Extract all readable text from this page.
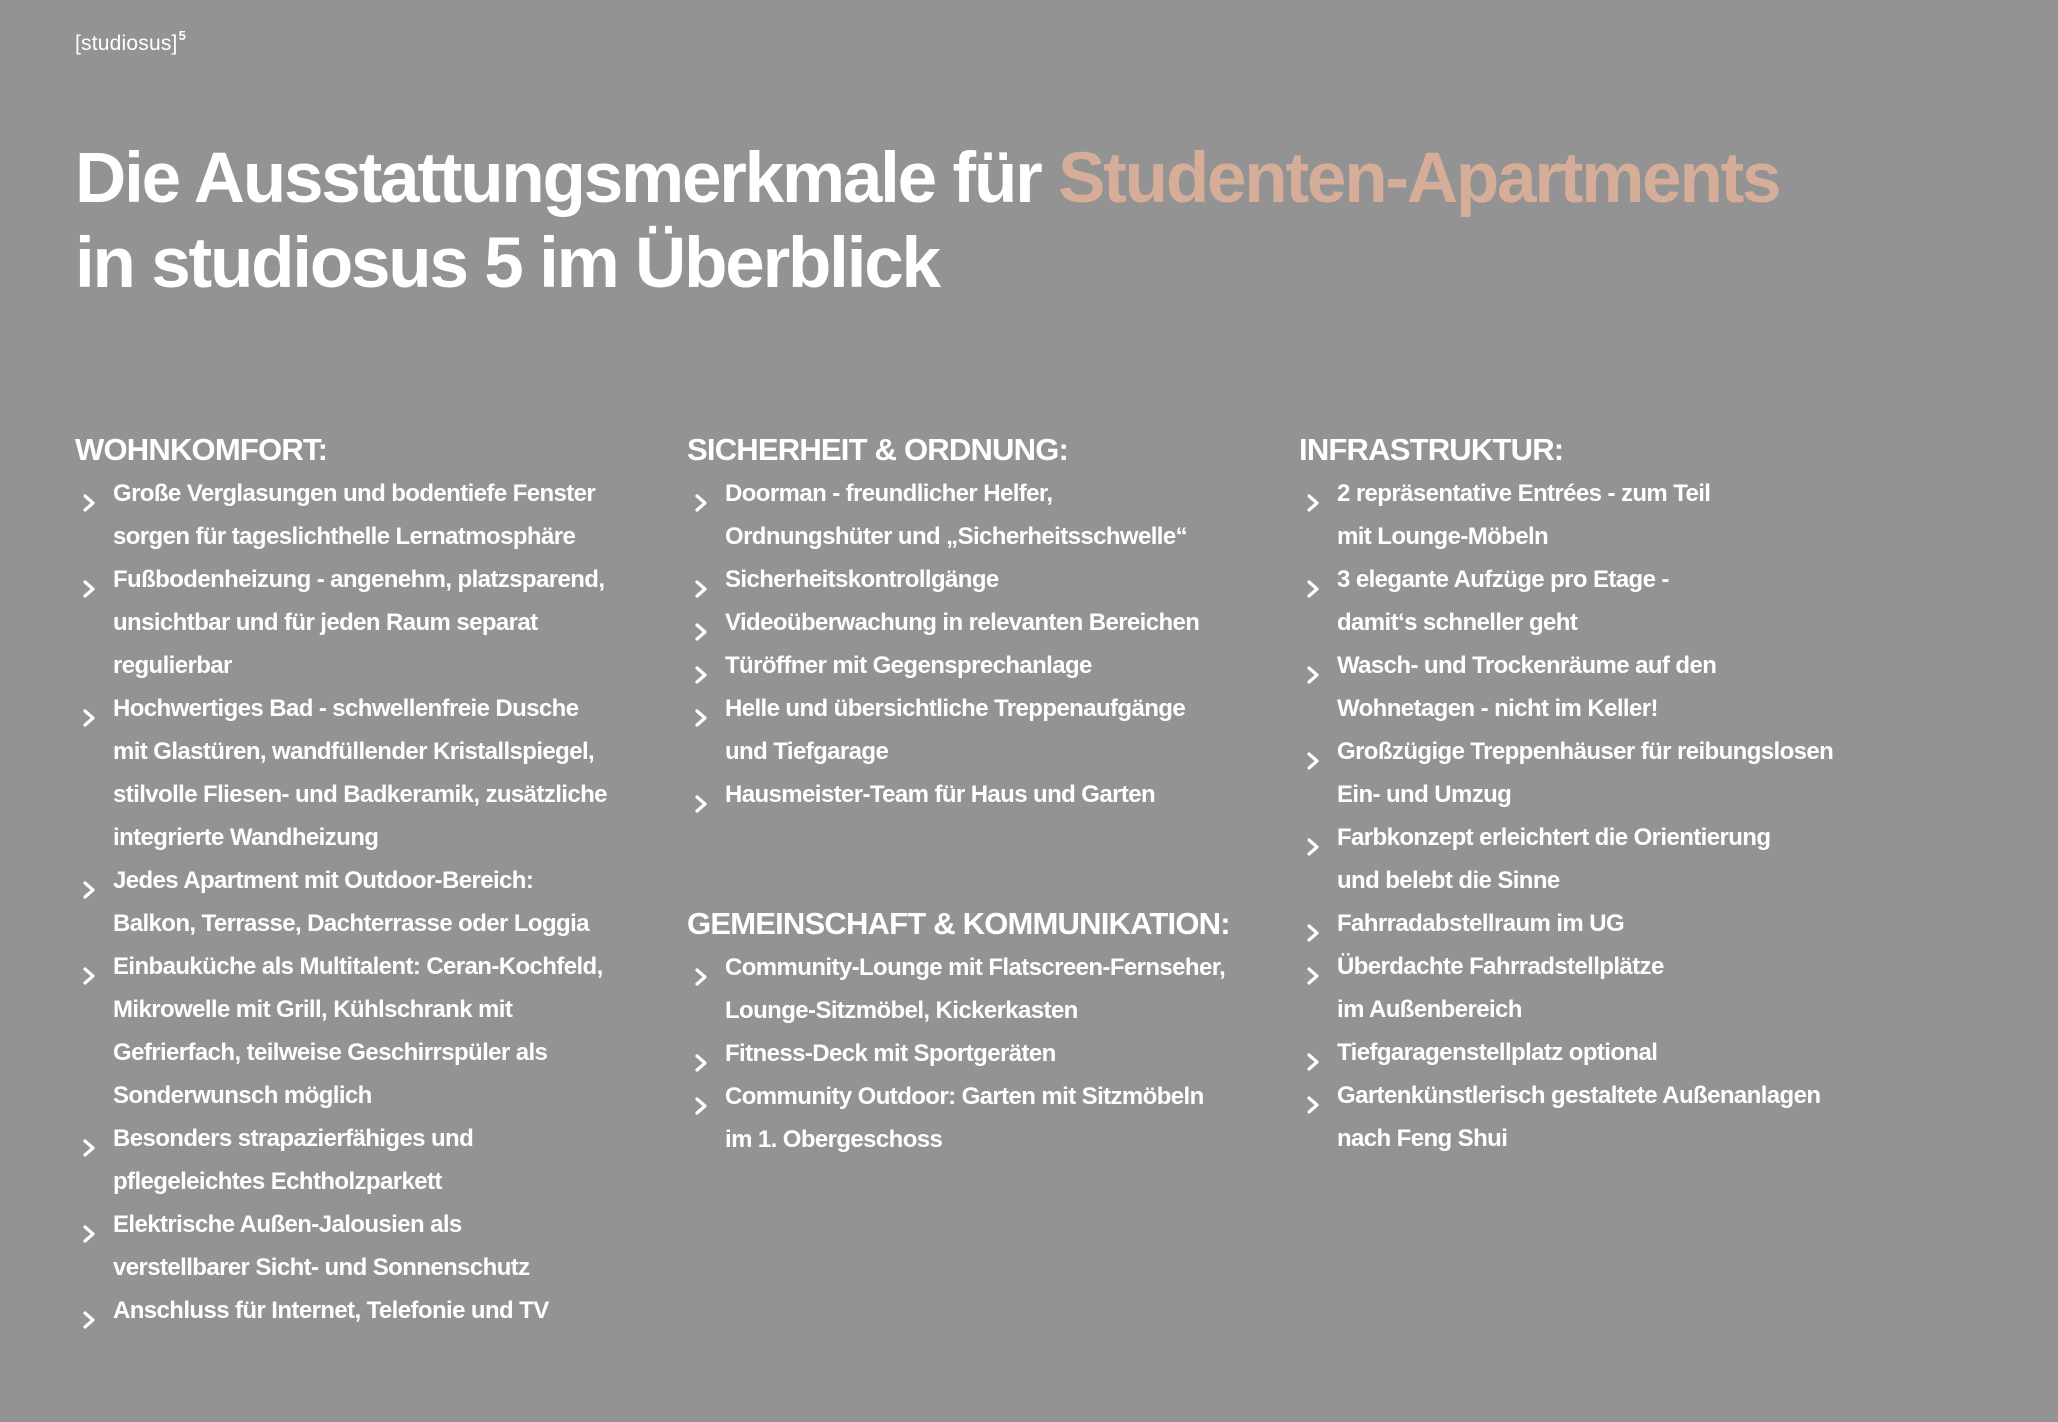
[studiosus]$^5$
Die Ausstattungsmerkmale für Studenten-Apartments
in studiosus 5 im Überblick
WOHNKOMFORT:
Große Verglasungen und bodentiefe Fenster
sorgen für tageslichthelle Lernatmosphäre
Fußbodenheizung - angenehm, platzsparend,
unsichtbar und für jeden Raum separat
regulierbar
Hochwertiges Bad - schwellenfreie Dusche
mit Glastüren, wandfüllender Kristallspiegel,
stilvolle Fliesen- und Badkeramik, zusätzliche
integrierte Wandheizung
Jedes Apartment mit Outdoor-Bereich:
Balkon, Terrasse, Dachterrasse oder Loggia
Einbauküche als Multitalent: Ceran-Kochfeld,
Mikrowelle mit Grill, Kühlschrank mit
Gefrierfach, teilweise Geschirrspüler als
Sonderwunsch möglich
Besonders strapazierfähiges und
pflegeleichtes Echtholzparkett
Elektrische Außen-Jalousien als
verstellbarer Sicht- und Sonnenschutz
Anschluss für Internet, Telefonie und TV
SICHERHEIT & ORDNUNG:
Doorman - freundlicher Helfer,
Ordnungshüter und „Sicherheitsschwelle“
Sicherheitskontrollgänge
Videoüberwachung in relevanten Bereichen
Türöffner mit Gegensprechanlage
Helle und übersichtliche Treppenaufgänge
und Tiefgarage
Hausmeister-Team für Haus und Garten
GEMEINSCHAFT & KOMMUNIKATION:
Community-Lounge mit Flatscreen-Fernseher,
Lounge-Sitzmöbel, Kickerkasten
Fitness-Deck mit Sportgeräten
Community Outdoor: Garten mit Sitzmöbeln
im 1. Obergeschoss
INFRASTRUKTUR:
2 repräsentative Entrées - zum Teil
mit Lounge-Möbeln
3 elegante Aufzüge pro Etage -
damit‘s schneller geht
Wasch- und Trockenräume auf den
Wohnetagen - nicht im Keller!
Großzügige Treppenhäuser für reibungslosen
Ein- und Umzug
Farbkonzept erleichtert die Orientierung
und belebt die Sinne
Fahrradabstellraum im UG
Überdachte Fahrradstellplätze
im Außenbereich
Tiefgaragenstellplatz optional
Gartenkünstlerisch gestaltete Außenanlagen
nach Feng Shui
